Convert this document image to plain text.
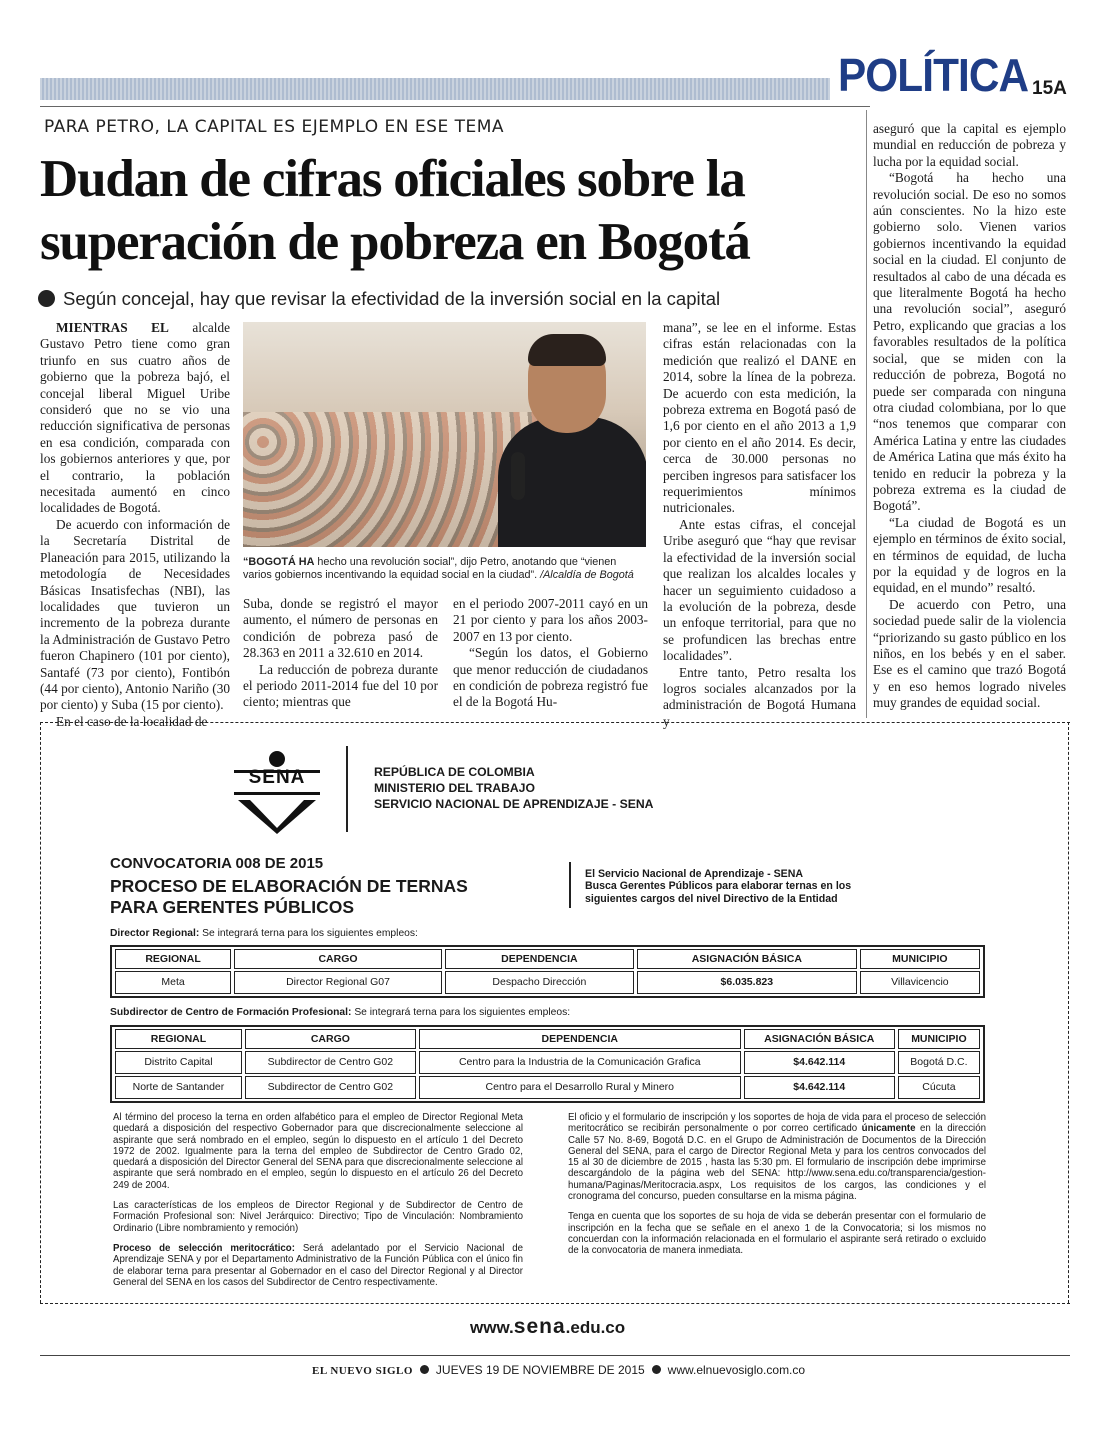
POLÍTICA 15A
PARA PETRO, LA CAPITAL ES EJEMPLO EN ESE TEMA
Dudan de cifras oficiales sobre la
superación de pobreza en Bogotá
Según concejal, hay que revisar la efectividad de la inversión social en la capital

MIENTRAS EL alcalde Gustavo Petro tiene como gran triunfo en sus cuatro años de gobierno que la pobreza bajó, el concejal liberal Miguel Uribe consideró que no se vio una reducción significativa de personas en esa condición, comparada con los gobiernos anteriores y que, por el contrario, la población necesitada aumentó en cinco localidades de Bogotá.

De acuerdo con información de la Secretaría Distrital de Planeación para 2015, utilizando la metodología de Necesidades Básicas Insatisfechas (NBI), las localidades que tuvieron un incremento de la pobreza durante la Administración de Gustavo Petro fueron Chapinero (101 por ciento), Santafé (73 por ciento), Fontibón (44 por ciento), Antonio Nariño (30 por ciento) y Suba (15 por ciento).

En el caso de la localidad de

“BOGOTÁ HA hecho una revolución social”, dijo Petro, anotando que “vienen varios gobiernos incentivando la equidad social en la ciudad”. /Alcaldía de Bogotá

Suba, donde se registró el mayor aumento, el número de personas en condición de pobreza pasó de 28.363 en 2011 a 32.610 en 2014.

La reducción de pobreza durante el periodo 2011-2014 fue del 10 por ciento; mientras que

en el periodo 2007-2011 cayó en un 21 por ciento y para los años 2003-2007 en 13 por ciento.

“Según los datos, el Gobierno que menor reducción de ciudadanos en condición de pobreza registró fue el de la Bogotá Hu-

mana”, se lee en el informe. Estas cifras están relacionadas con la medición que realizó el DANE en 2014, sobre la línea de la pobreza. De acuerdo con esta medición, la pobreza extrema en Bogotá pasó de 1,6 por ciento en el año 2013 a 1,9 por ciento en el año 2014. Es decir, cerca de 30.000 personas no perciben ingresos para satisfacer los requerimientos mínimos nutricionales.

Ante estas cifras, el concejal Uribe aseguró que “hay que revisar la efectividad de la inversión social que realizan los alcaldes locales y hacer un seguimiento cuidadoso a la evolución de la pobreza, desde un enfoque territorial, para que no se profundicen las brechas entre localidades”.

Entre tanto, Petro resalta los logros sociales alcanzados por la administración de Bogotá Humana y

aseguró que la capital es ejemplo mundial en reducción de pobreza y lucha por la equidad social.

“Bogotá ha hecho una revolución social. De eso no somos aún conscientes. No la hizo este gobierno solo. Vienen varios gobiernos incentivando la equidad social en la ciudad. El conjunto de resultados al cabo de una década es que literalmente Bogotá ha hecho una revolución social”, aseguró Petro, explicando que gracias a los favorables resultados de la política social, que se miden con la reducción de pobreza, Bogotá no puede ser comparada con ninguna otra ciudad colombiana, por lo que “nos tenemos que comparar con América Latina y entre las ciudades de América Latina que más éxito ha tenido en reducir la pobreza y la pobreza extrema es la ciudad de Bogotá”.

“La ciudad de Bogotá es un ejemplo en términos de éxito social, en términos de equidad, de lucha por la equidad y de logros en la equidad, en el mundo” resaltó.

De acuerdo con Petro, una sociedad puede salir de la violencia “priorizando su gasto público en los niños, en los bebés y en el saber. Ese es el camino que trazó Bogotá y en eso hemos logrado niveles muy grandes de equidad social.

SENA	REPÚBLICA DE COLOMBIA
MINISTERIO DEL TRABAJO
SERVICIO NACIONAL DE APRENDIZAJE - SENA
CONVOCATORIA 008 DE 2015
PROCESO DE ELABORACIÓN DE TERNAS
PARA GERENTES PÚBLICOS
El Servicio Nacional de Aprendizaje - SENA
Busca Gerentes Públicos para elaborar ternas en los
siguientes cargos del nivel Directivo de la Entidad
Director Regional: Se integrará terna para los siguientes empleos:
REGIONAL	CARGO	DEPENDENCIA	ASIGNACIÓN BÁSICA	MUNICIPIO
Meta	Director Regional G07	Despacho Dirección	$6.035.823	Villavicencio
Subdirector de Centro de Formación Profesional: Se integrará terna para los siguientes empleos:
REGIONAL	CARGO	DEPENDENCIA	ASIGNACIÓN BÁSICA	MUNICIPIO
Distrito Capital	Subdirector de Centro G02	Centro para la Industria de la Comunicación Grafica	$4.642.114	Bogotá D.C.
Norte de Santander	Subdirector de Centro G02	Centro para el Desarrollo Rural y Minero	$4.642.114	Cúcuta

Al término del proceso la terna en orden alfabético para el empleo de Director Regional Meta quedará a disposición del respectivo Gobernador para que discrecionalmente seleccione al aspirante que será nombrado en el empleo, según lo dispuesto en el artículo 1 del Decreto 1972 de 2002. Igualmente para la terna del empleo de Subdirector de Centro Grado 02, quedará a disposición del Director General del SENA para que discrecionalmente seleccione al aspirante que será nombrado en el empleo, según lo dispuesto en el artículo 26 del Decreto 249 de 2004.

Las características de los empleos de Director Regional y de Subdirector de Centro de Formación Profesional son: Nivel Jerárquico: Directivo; Tipo de Vinculación: Nombramiento Ordinario (Libre nombramiento y remoción)

Proceso de selección meritocrático: Será adelantado por el Servicio Nacional de Aprendizaje SENA y por el Departamento Administrativo de la Función Pública con el único fin de elaborar terna para presentar al Gobernador en el caso del Director Regional y al Director General del SENA en los casos del Subdirector de Centro respectivamente.

El oficio y el formulario de inscripción y los soportes de hoja de vida para el proceso de selección meritocrático se recibirán personalmente o por correo certificado únicamente en la dirección Calle 57 No. 8-69, Bogotá D.C. en el Grupo de Administración de Documentos de la Dirección General del SENA, para el cargo de Director Regional Meta y para los centros convocados del 15 al 30 de diciembre de 2015 , hasta las 5:30 pm. El formulario de inscripción debe imprimirse descargándolo de la página web del SENA: http://www.sena.edu.co/transparencia/gestion-humana/Paginas/Meritocracia.aspx, Los requisitos de los cargos, las condiciones y el cronograma del concurso, pueden consultarse en la misma página.

Tenga en cuenta que los soportes de su hoja de vida se deberán presentar con el formulario de inscripción en la fecha que se señale en el anexo 1 de la Convocatoria; si los mismos no concuerdan con la información relacionada en el formulario el aspirante será retirado o excluido de la convocatoria de manera inmediata.

www.sena.edu.co
EL NUEVO SIGLO JUEVES 19 DE NOVIEMBRE DE 2015 www.elnuevosiglo.com.co
